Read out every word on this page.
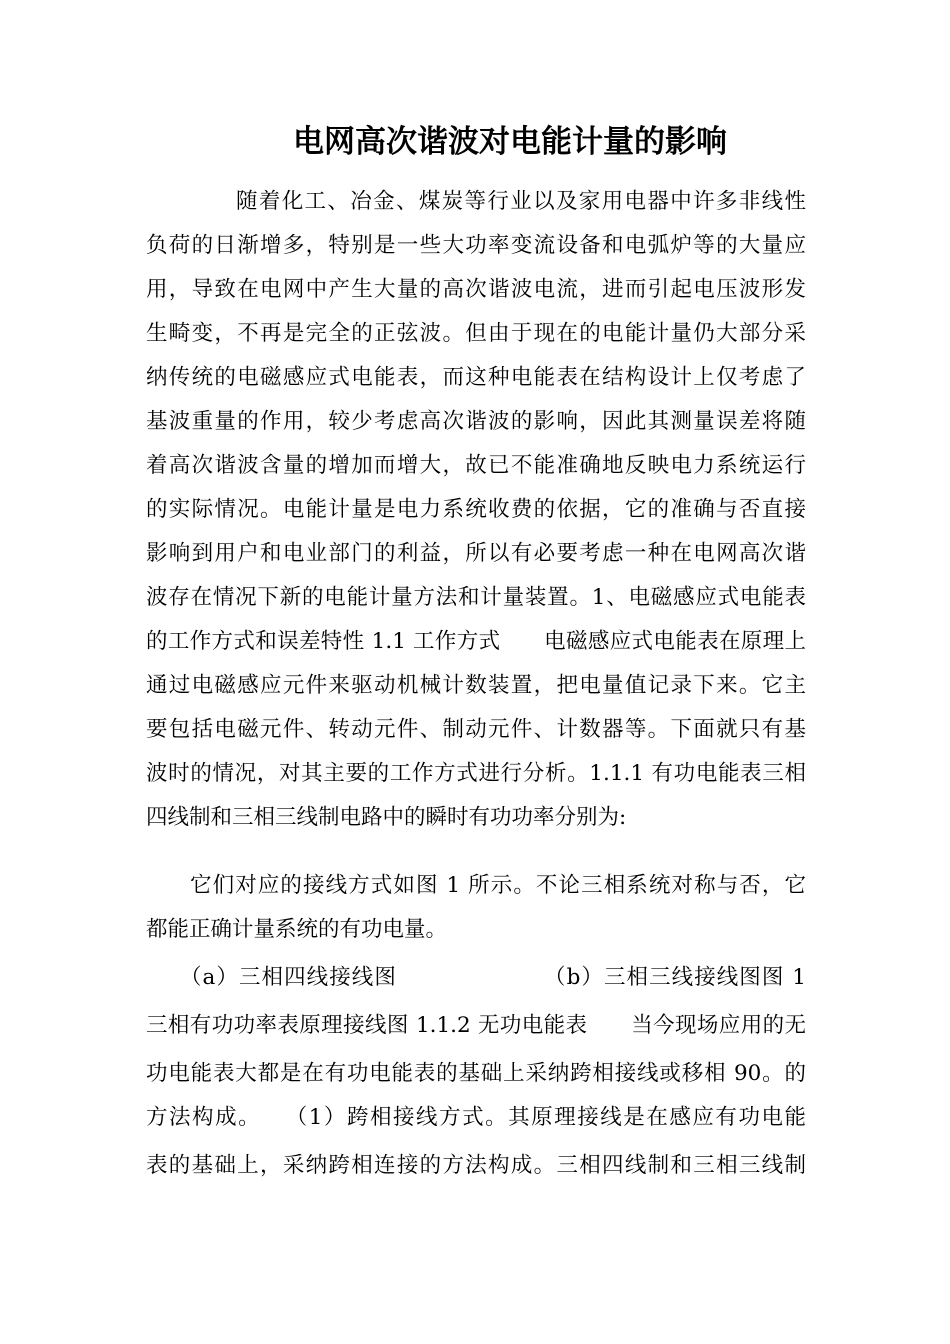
电网高次谐波对电能计量的影响
随着化工、冶金、煤炭等行业以及家用电器中许多非线性
负荷的日渐增多，特别是一些大功率变流设备和电弧炉等的大量应
用，导致在电网中产生大量的高次谐波电流，进而引起电压波形发
生畸变，不再是完全的正弦波。但由于现在的电能计量仍大部分采
纳传统的电磁感应式电能表，而这种电能表在结构设计上仅考虑了
基波重量的作用，较少考虑高次谐波的影响，因此其测量误差将随
着高次谐波含量的增加而增大，故已不能准确地反映电力系统运行
的实际情况。电能计量是电力系统收费的依据，它的准确与否直接
影响到用户和电业部门的利益，所以有必要考虑一种在电网高次谐
波存在情况下新的电能计量方法和计量装置。1、电磁感应式电能表
的工作方式和误差特性 1.1 工作方式　　电磁感应式电能表在原理上
通过电磁感应元件来驱动机械计数装置，把电量值记录下来。它主
要包括电磁元件、转动元件、制动元件、计数器等。下面就只有基
波时的情况，对其主要的工作方式进行分析。1.1.1 有功电能表三相
四线制和三相三线制电路中的瞬时有功功率分别为:
它们对应的接线方式如图 1 所示。不论三相系统对称与否，它
都能正确计量系统的有功电量。
（a）三相四线接线图　　　　　　　（b）三相三线接线图图 1
三相有功功率表原理接线图 1.1.2 无功电能表　　当今现场应用的无
功电能表大都是在有功电能表的基础上采纳跨相接线或移相 90。的
方法构成。　　（1）跨相接线方式。其原理接线是在感应有功电能
表的基础上，采纳跨相连接的方法构成。三相四线制和三相三线制
